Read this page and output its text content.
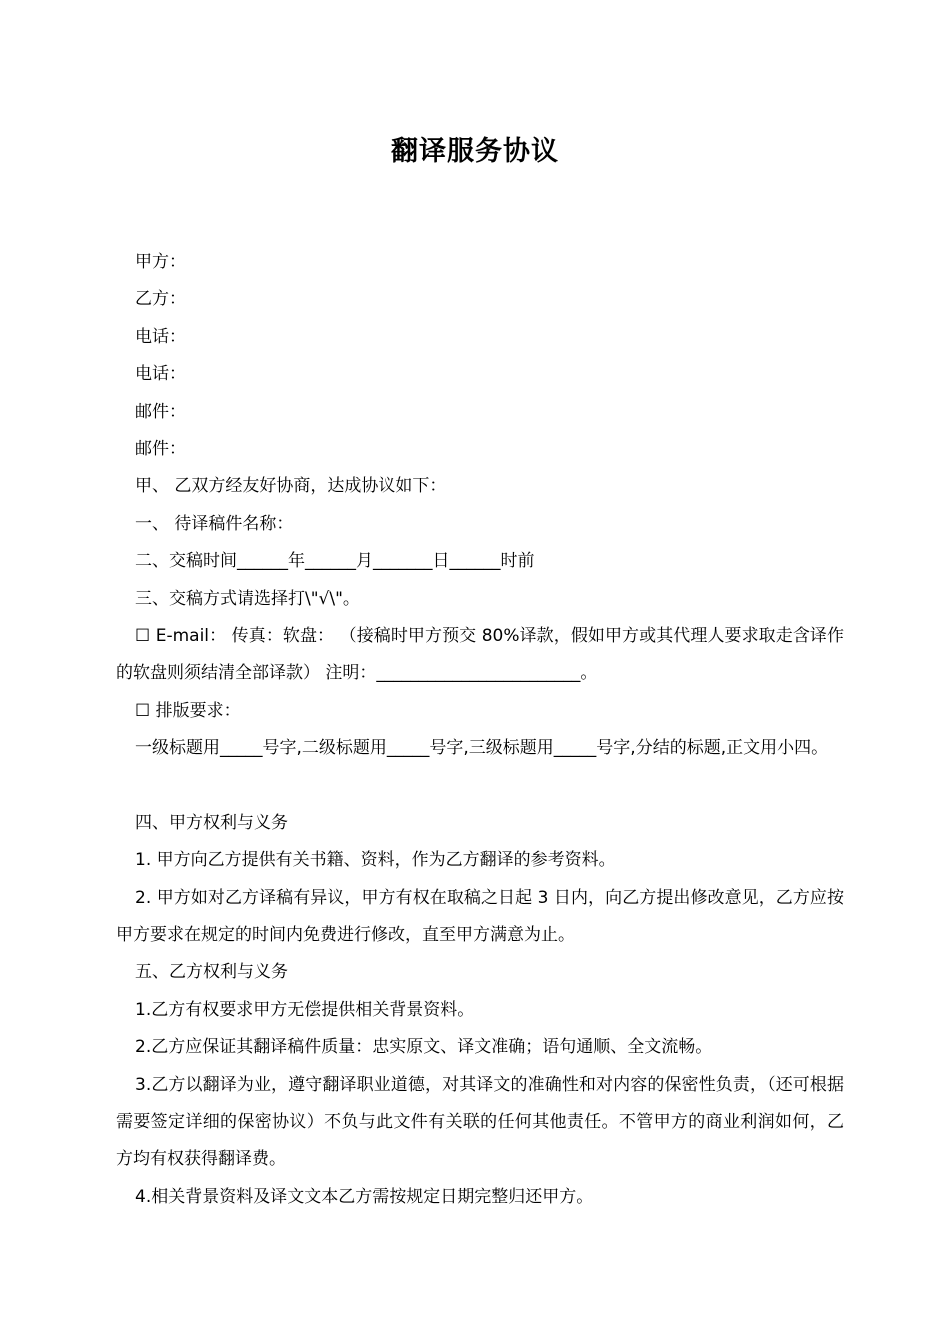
翻译服务协议
甲方：
乙方：
电话：
电话：
邮件：
邮件：
甲、 乙双方经友好协商，达成协议如下：
一、 待译稿件名称：
二、交稿时间______年______月_______日______时前
三、交稿方式请选择打\"√\"。
☐ E-mail： 传真：软盘： （接稿时甲方预交 80%译款，假如甲方或其代理人要求取走含译作的软盘则须结清全部译款） 注明：________________________。
☐ 排版要求：
一级标题用_____号字,二级标题用_____号字,三级标题用_____号字,分结的标题,正文用小四。
四、甲方权利与义务
1. 甲方向乙方提供有关书籍、资料，作为乙方翻译的参考资料。
2. 甲方如对乙方译稿有异议，甲方有权在取稿之日起 3 日内，向乙方提出修改意见，乙方应按甲方要求在规定的时间内免费进行修改，直至甲方满意为止。
五、乙方权利与义务
1.乙方有权要求甲方无偿提供相关背景资料。
2.乙方应保证其翻译稿件质量：忠实原文、译文准确；语句通顺、全文流畅。
3.乙方以翻译为业，遵守翻译职业道德，对其译文的准确性和对内容的保密性负责，（还可根据需要签定详细的保密协议）不负与此文件有关联的任何其他责任。不管甲方的商业利润如何，乙方均有权获得翻译费。
4.相关背景资料及译文文本乙方需按规定日期完整归还甲方。
